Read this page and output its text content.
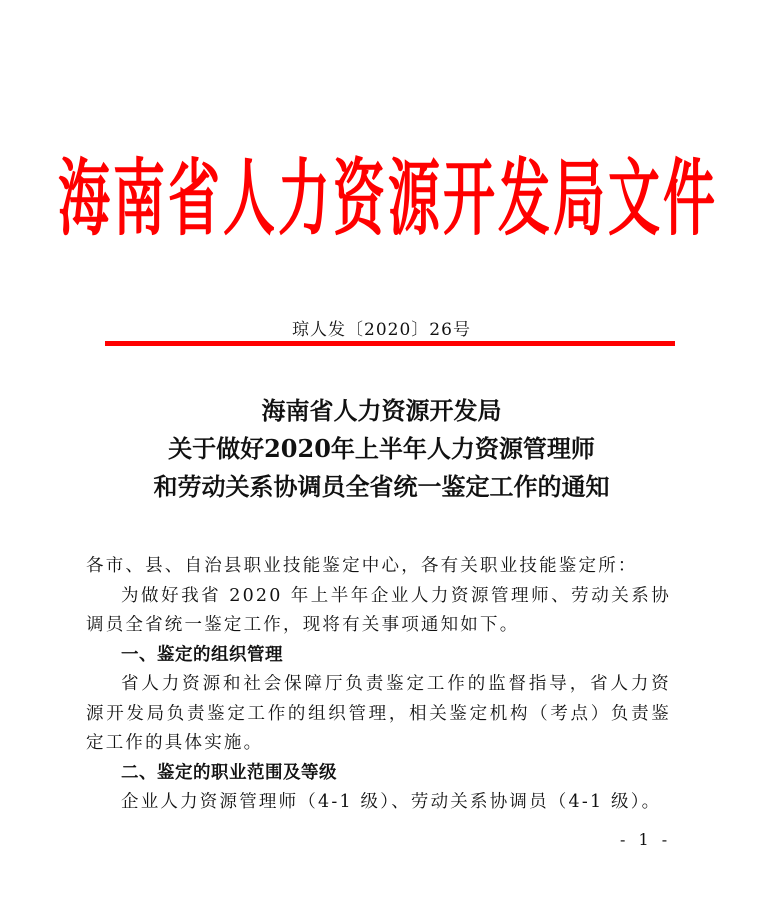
海南省人力资源开发局文件
琼人发〔2020〕26号
海南省人力资源开发局
关于做好2020年上半年人力资源管理师
和劳动关系协调员全省统一鉴定工作的通知

各市、县、自治县职业技能鉴定中心，各有关职业技能鉴定所：

为做好我省 2020 年上半年企业人力资源管理师、劳动关系协调员全省统一鉴定工作，现将有关事项通知如下。

一、鉴定的组织管理

省人力资源和社会保障厅负责鉴定工作的监督指导，省人力资源开发局负责鉴定工作的组织管理，相关鉴定机构（考点）负责鉴定工作的具体实施。

二、鉴定的职业范围及等级

企业人力资源管理师（4-1 级）、劳动关系协调员（4-1 级）。

- 1 -
